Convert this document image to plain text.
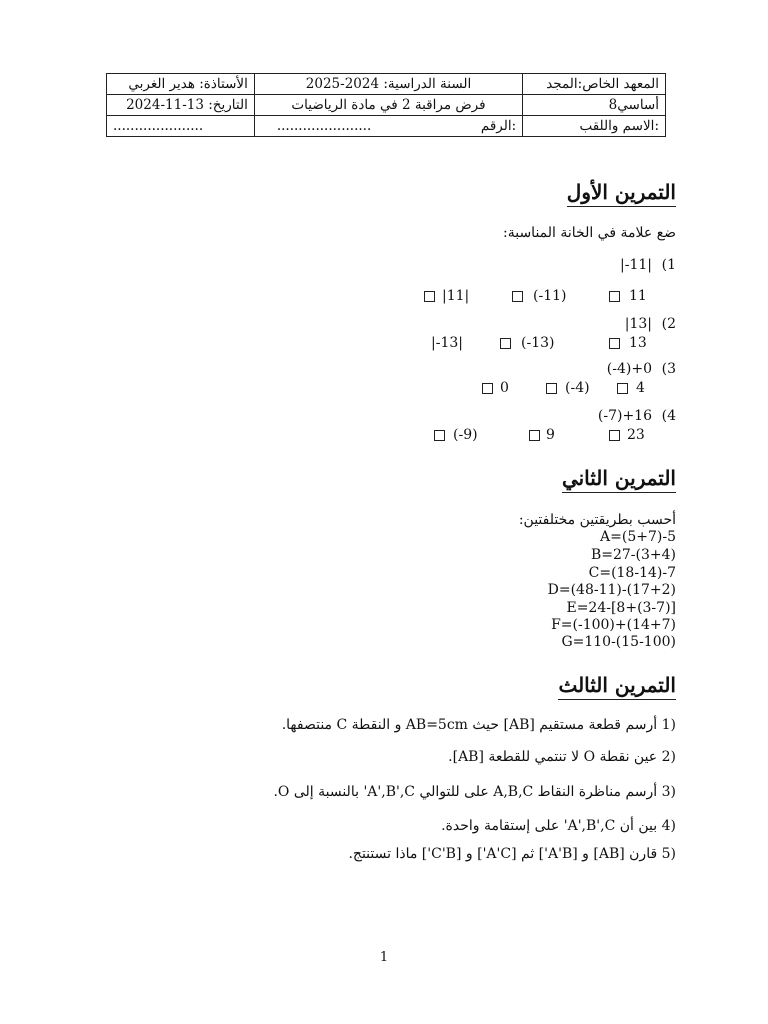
الأستاذة: هدير الغربي	السنة الدراسية: 2024-2025	المعهد الخاص:المجد
التاريخ: 13-11-2024	فرض مراقبة 2 في مادة الرياضيات	8أساسي
.....................	...................... الرقم:	الاسم واللقب:
التمرين الأول
ضع علامة في الخانة المناسبة:
(1
|-11|
11
(-11)
|11|
(2
|13|
13
(-13)
|-13|
(3
(-4)+0
4
(-4)
0
(4
(-7)+16
23
9
(-9)
التمرين الثاني
أحسب بطريقتين مختلفتين:
A=(5+7)-5
B=27-(3+4)
C=(18-14)-7
D=(48-11)-(17+2)
E=24-[8+(3-7)]
F=(-100)+(14+7)
G=110-(15-100)
التمرين الثالث
(1 أرسم قطعة مستقيم [AB] حيث AB=5cm و النقطة C منتصفها.
(2 عين نقطة O لا تنتمي للقطعة [AB].
(3 أرسم مناظرة النقاط A,B,C على للتوالي A',B',C' بالنسبة إلى O.
(4 بين أن A',B',C' على إستقامة واحدة.
(5 قارن [AB] و [A'B'] ثم [A'C'] و [C'B'] ماذا تستنتج.
1
